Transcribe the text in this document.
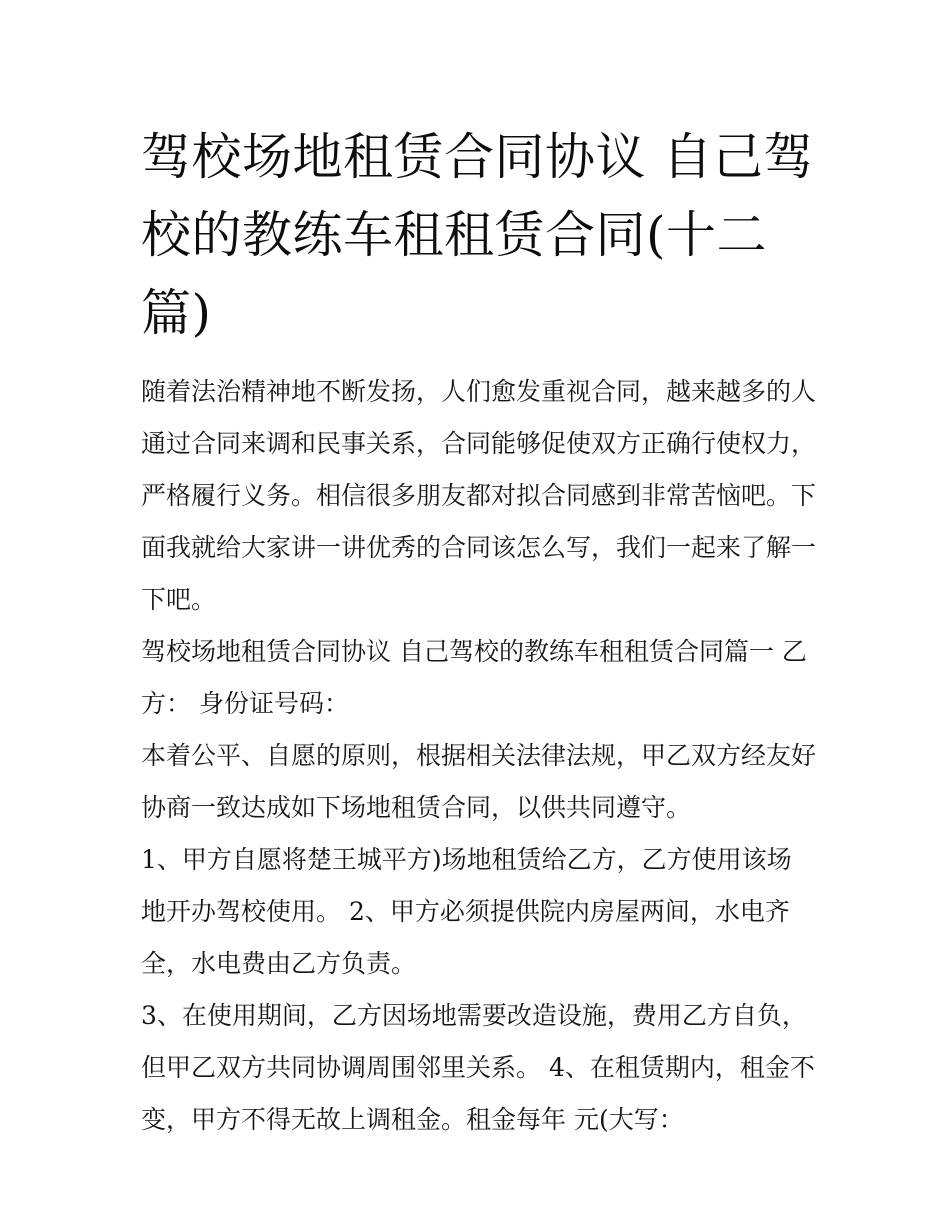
驾校场地租赁合同协议 自己驾校的教练车租租赁合同(十二篇)

随着法治精神地不断发扬，人们愈发重视合同，越来越多的人通过合同来调和民事关系，合同能够促使双方正确行使权力，严格履行义务。相信很多朋友都对拟合同感到非常苦恼吧。下面我就给大家讲一讲优秀的合同该怎么写，我们一起来了解一下吧。

驾校场地租赁合同协议 自己驾校的教练车租租赁合同篇一 乙方： 身份证号码：

本着公平、自愿的原则，根据相关法律法规，甲乙双方经友好协商一致达成如下场地租赁合同，以供共同遵守。

1、甲方自愿将楚王城平方)场地租赁给乙方，乙方使用该场地开办驾校使用。 2、甲方必须提供院内房屋两间，水电齐全，水电费由乙方负责。

3、在使用期间，乙方因场地需要改造设施，费用乙方自负，但甲乙双方共同协调周围邻里关系。 4、在租赁期内，租金不变，甲方不得无故上调租金。租金每年 元(大写：
